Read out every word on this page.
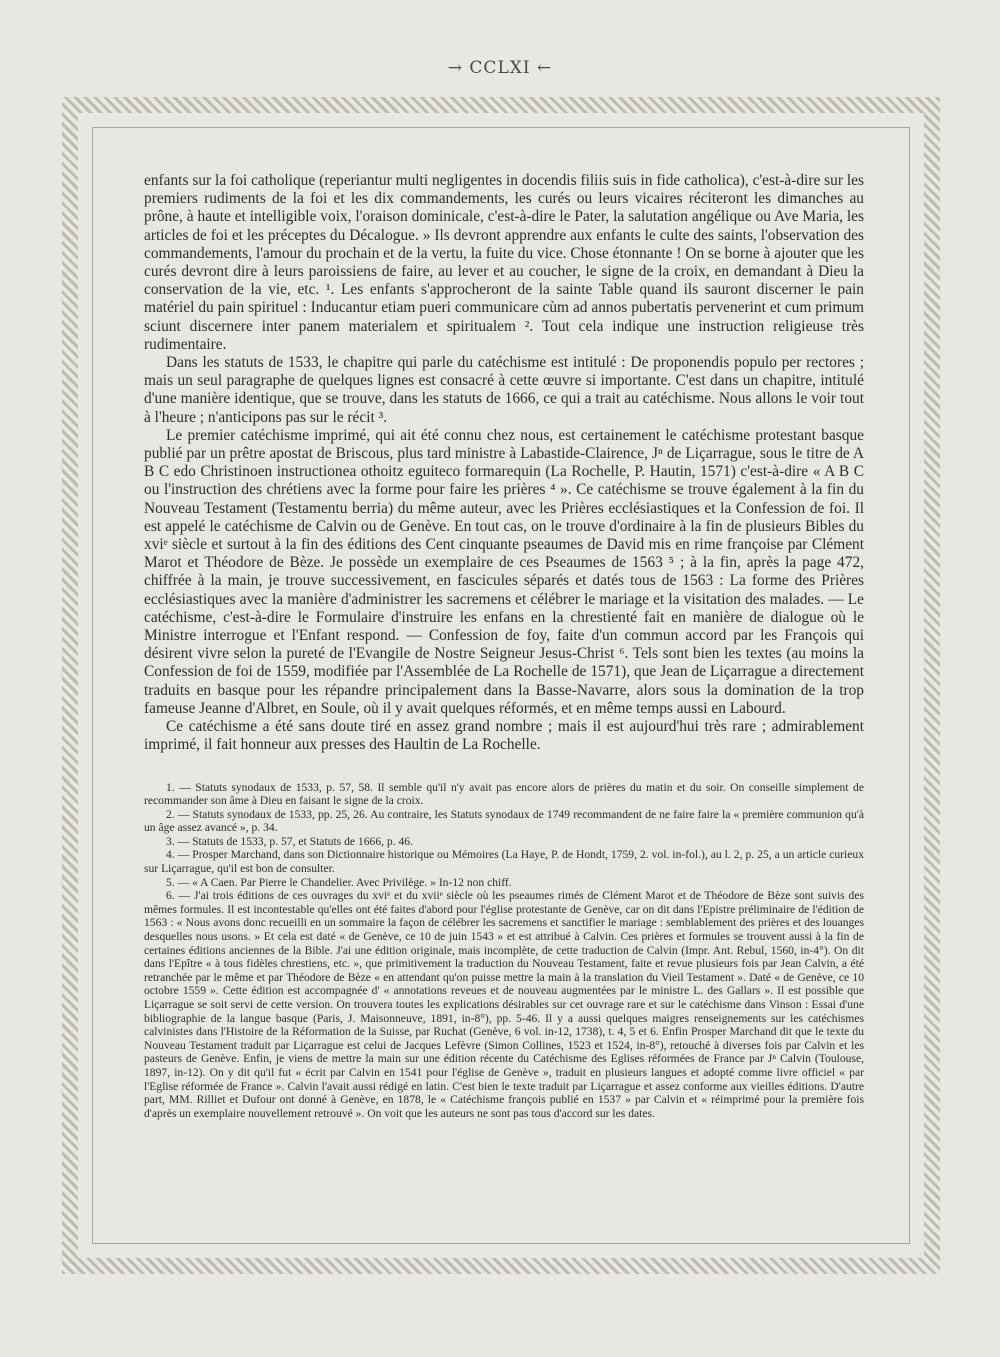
→ CCLXI ←

enfants sur la foi catholique (reperiantur multi negligentes in docendis filiis suis in fide catholica), c'est-à-dire sur les premiers rudiments de la foi et les dix commandements, les curés ou leurs vicaires réciteront les dimanches au prône, à haute et intelligible voix, l'oraison dominicale, c'est-à-dire le Pater, la salutation angélique ou Ave Maria, les articles de foi et les préceptes du Décalogue. » Ils devront apprendre aux enfants le culte des saints, l'observation des commandements, l'amour du prochain et de la vertu, la fuite du vice. Chose étonnante ! On se borne à ajouter que les curés devront dire à leurs paroissiens de faire, au lever et au coucher, le signe de la croix, en demandant à Dieu la conservation de la vie, etc. ¹. Les enfants s'approcheront de la sainte Table quand ils sauront discerner le pain matériel du pain spirituel : Inducantur etiam pueri communicare cùm ad annos pubertatis pervenerint et cum primum sciunt discernere inter panem materialem et spiritualem ². Tout cela indique une instruction religieuse très rudimentaire.

Dans les statuts de 1533, le chapitre qui parle du catéchisme est intitulé : De proponendis populo per rectores ; mais un seul paragraphe de quelques lignes est consacré à cette œuvre si importante. C'est dans un chapitre, intitulé d'une manière identique, que se trouve, dans les statuts de 1666, ce qui a trait au catéchisme. Nous allons le voir tout à l'heure ; n'anticipons pas sur le récit ³.

Le premier catéchisme imprimé, qui ait été connu chez nous, est certainement le catéchisme protestant basque publié par un prêtre apostat de Briscous, plus tard ministre à Labastide-Clairence, Jⁿ de Liçarrague, sous le titre de A B C edo Christinoen instructionea othoitz eguiteco formarequin (La Rochelle, P. Hautin, 1571) c'est-à-dire « A B C ou l'instruction des chrétiens avec la forme pour faire les prières ⁴ ». Ce catéchisme se trouve également à la fin du Nouveau Testament (Testamentu berria) du même auteur, avec les Prières ecclésiastiques et la Confession de foi. Il est appelé le catéchisme de Calvin ou de Genève. En tout cas, on le trouve d'ordinaire à la fin de plusieurs Bibles du xviᵉ siècle et surtout à la fin des éditions des Cent cinquante pseaumes de David mis en rime françoise par Clément Marot et Théodore de Bèze. Je possède un exemplaire de ces Pseaumes de 1563 ⁵ ; à la fin, après la page 472, chiffrée à la main, je trouve successivement, en fascicules séparés et datés tous de 1563 : La forme des Prières ecclésiastiques avec la manière d'administrer les sacremens et célébrer le mariage et la visitation des malades. — Le catéchisme, c'est-à-dire le Formulaire d'instruire les enfans en la chrestienté fait en manière de dialogue où le Ministre interrogue et l'Enfant respond. — Confession de foy, faite d'un commun accord par les François qui désirent vivre selon la pureté de l'Evangile de Nostre Seigneur Jesus-Christ ⁶. Tels sont bien les textes (au moins la Confession de foi de 1559, modifiée par l'Assemblée de La Rochelle de 1571), que Jean de Liçarrague a directement traduits en basque pour les répandre principalement dans la Basse-Navarre, alors sous la domination de la trop fameuse Jeanne d'Albret, en Soule, où il y avait quelques réformés, et en même temps aussi en Labourd.

Ce catéchisme a été sans doute tiré en assez grand nombre ; mais il est aujourd'hui très rare ; admirablement imprimé, il fait honneur aux presses des Haultin de La Rochelle.

1. — Statuts synodaux de 1533, p. 57, 58. Il semble qu'il n'y avait pas encore alors de prières du matin et du soir. On conseille simplement de recommander son âme à Dieu en faisant le signe de la croix.

2. — Statuts synodaux de 1533, pp. 25, 26. Au contraire, les Statuts synodaux de 1749 recommandent de ne faire faire la « première communion qu'à un âge assez avancé », p. 34.

3. — Statuts de 1533, p. 57, et Statuts de 1666, p. 46.

4. — Prosper Marchand, dans son Dictionnaire historique ou Mémoires (La Haye, P. de Hondt, 1759, 2. vol. in-fol.), au l. 2, p. 25, a un article curieux sur Liçarrague, qu'il est bon de consulter.

5. — « A Caen. Par Pierre le Chandelier. Avec Privilège. » In-12 non chiff.

6. — J'ai trois éditions de ces ouvrages du xviᵉ et du xviiᵉ siècle où les pseaumes rimés de Clément Marot et de Théodore de Bèze sont suivis des mêmes formules. Il est incontestable qu'elles ont été faites d'abord pour l'église protestante de Genève, car on dit dans l'Epistre préliminaire de l'édition de 1563 : « Nous avons donc recueilli en un sommaire la façon de célébrer les sacremens et sanctifier le mariage : semblablement des prières et des louanges desquelles nous usons. » Et cela est daté « de Genève, ce 10 de juin 1543 » et est attribué à Calvin. Ces prières et formules se trouvent aussi à la fin de certaines éditions anciennes de la Bible. J'ai une édition originale, mais incomplète, de cette traduction de Calvin (Impr. Ant. Rebul, 1560, in-4°). On dit dans l'Epître « à tous fidèles chrestiens, etc. », que primitivement la traduction du Nouveau Testament, faite et revue plusieurs fois par Jean Calvin, a été retranchée par le même et par Théodore de Bèze « en attendant qu'on puisse mettre la main à la translation du Vieil Testament ». Daté « de Genève, ce 10 octobre 1559 ». Cette édition est accompagnée d' « annotations reveues et de nouveau augmentées par le ministre L. des Gallars ». Il est possible que Liçarrague se soit servi de cette version. On trouvera toutes les explications désirables sur cet ouvrage rare et sur le catéchisme dans Vinson : Essai d'une bibliographie de la langue basque (Paris, J. Maisonneuve, 1891, in-8°), pp. 5-46. Il y a aussi quelques maigres renseignements sur les catéchismes calvinistes dans l'Histoire de la Réformation de la Suisse, par Ruchat (Genève, 6 vol. in-12, 1738), t. 4, 5 et 6. Enfin Prosper Marchand dit que le texte du Nouveau Testament traduit par Liçarrague est celui de Jacques Lefèvre (Simon Collines, 1523 et 1524, in-8°), retouché à diverses fois par Calvin et les pasteurs de Genève. Enfin, je viens de mettre la main sur une édition récente du Catéchisme des Eglises réformées de France par Jⁿ Calvin (Toulouse, 1897, in-12). On y dit qu'il fut « écrit par Calvin en 1541 pour l'église de Genève », traduit en plusieurs langues et adopté comme livre officiel « par l'Eglise réformée de France ». Calvin l'avait aussi rédigé en latin. C'est bien le texte traduit par Liçarrague et assez conforme aux vieilles éditions. D'autre part, MM. Rilliet et Dufour ont donné à Genève, en 1878, le « Catéchisme françois publié en 1537 » par Calvin et « réimprimé pour la première fois d'après un exemplaire nouvellement retrouvé ». On voit que les auteurs ne sont pas tous d'accord sur les dates.
